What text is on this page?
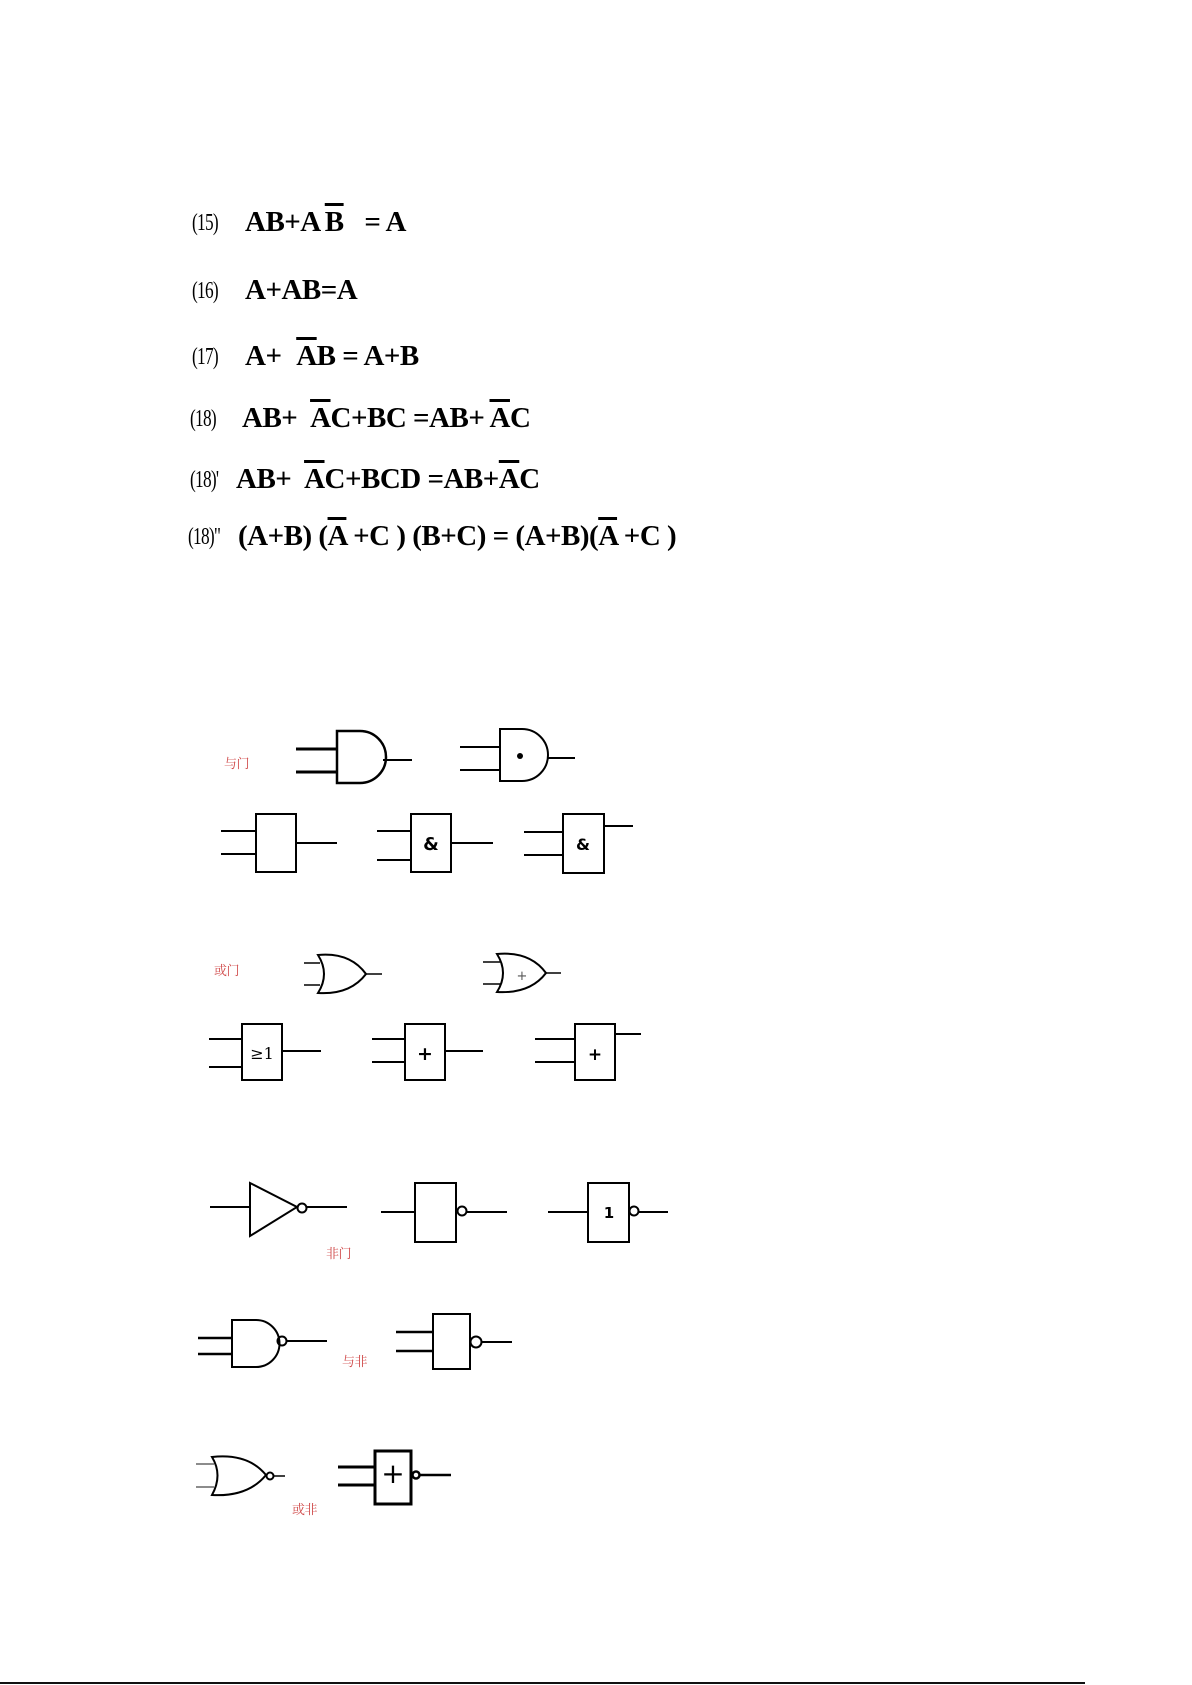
(15) AB+A $\overline{B} = A$
(16) A+AB=A
(17) $A+ \overline{A}B = A+B$
(18) $AB+ \overline{A}C+BC =AB+ \overline{A}C$
(18)' $AB+ \overline{A}C+BCD =AB+\overline{A}C$
(18)" (A+B) ($\overline{A} +C$ ) $(B+C) = (A+B)(\overline{A} +C$ )
与门
或门
非门
与非
或非
&	&
+	+
1
+
≥1
+
